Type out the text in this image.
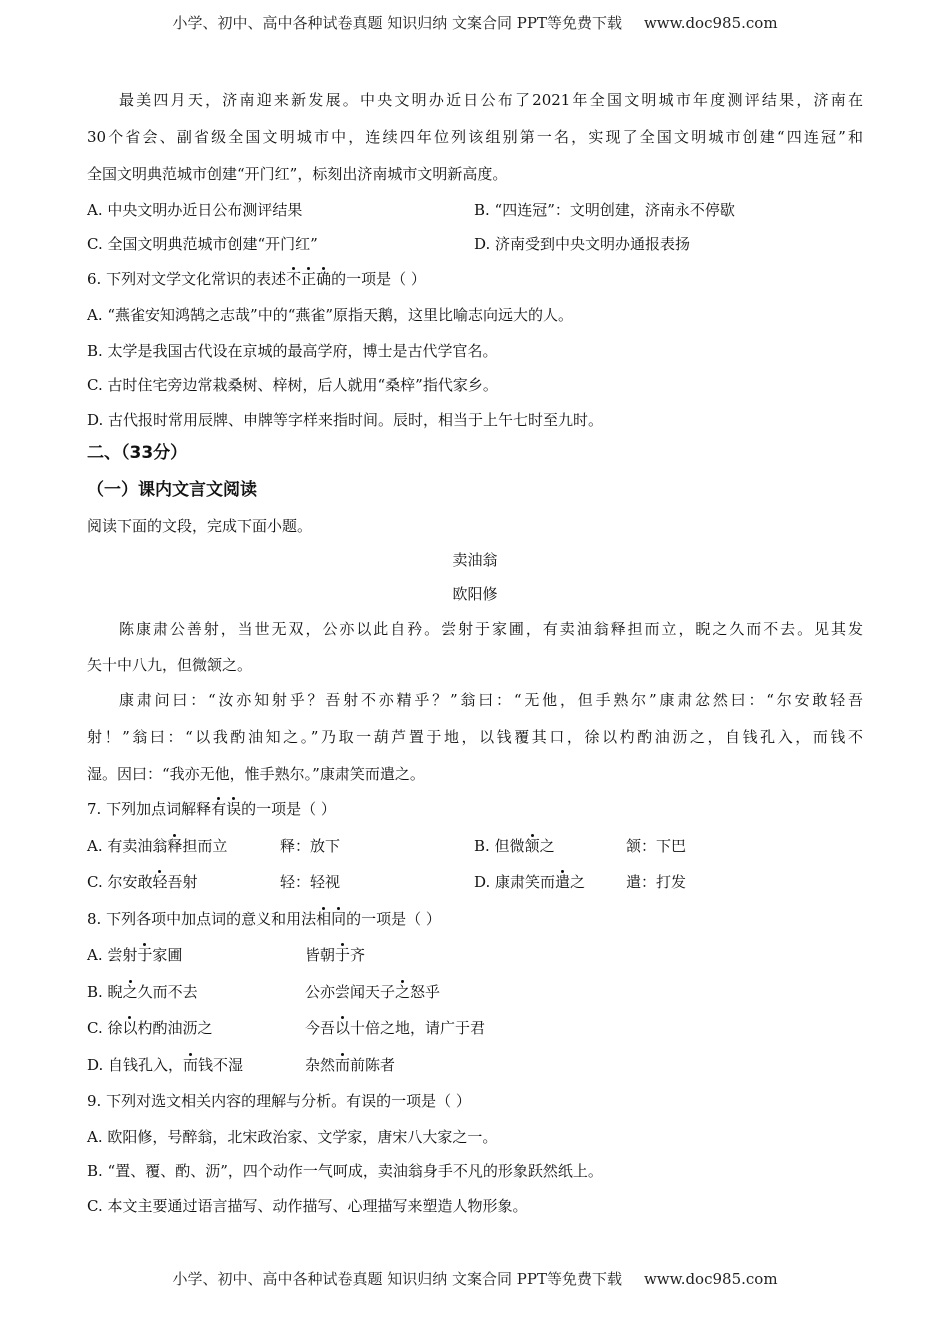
小学、初中、高中各种试卷真题 知识归纳 文案合同 PPT等免费下载 www.doc985.com
最美四月天，济南迎来新发展。中央文明办近日公布了2021年全国文明城市年度测评结果，济南在
30个省会、副省级全国文明城市中，连续四年位列该组别第一名，实现了全国文明城市创建“四连冠”和
全国文明典范城市创建“开门红”，标刻出济南城市文明新高度。
A. 中央文明办近日公布测评结果	B. “四连冠”：文明创建，济南永不停歇
C. 全国文明典范城市创建“开门红”	D. 济南受到中央文明办通报表扬
6. 下列对文学文化常识的表述不正确的一项是（ ）
A. “燕雀安知鸿鹄之志哉”中的“燕雀”原指天鹅，这里比喻志向远大的人。
B. 太学是我国古代设在京城的最高学府，博士是古代学官名。
C. 古时住宅旁边常栽桑树、梓树，后人就用“桑梓”指代家乡。
D. 古代报时常用辰牌、申牌等字样来指时间。辰时，相当于上午七时至九时。
二、（33分）
（一）课内文言文阅读
阅读下面的文段，完成下面小题。
卖油翁
欧阳修
陈康肃公善射，当世无双，公亦以此自矜。尝射于家圃，有卖油翁释担而立，睨之久而不去。见其发
矢十中八九，但微颔之。
康肃问曰：“汝亦知射乎？吾射不亦精乎？”翁曰：“无他，但手熟尔”康肃忿然曰：“尔安敢轻吾
射！”翁曰：“以我酌油知之。”乃取一葫芦置于地，以钱覆其口，徐以杓酌油沥之，自钱孔入，而钱不
湿。因曰：“我亦无他，惟手熟尔。”康肃笑而遣之。
7. 下列加点词解释有误的一项是（ ）
A. 有卖油翁释担而立	释：放下	B. 但微颔之	颔：下巴
C. 尔安敢轻吾射	轻：轻视	D. 康肃笑而遣之	遣：打发
8. 下列各项中加点词的意义和用法相同的一项是（ ）
A. 尝射于家圃	皆朝于齐
B. 睨之久而不去	公亦尝闻天子之怒乎
C. 徐以杓酌油沥之	今吾以十倍之地，请广于君
D. 自钱孔入，而钱不湿	杂然而前陈者
9. 下列对选文相关内容的理解与分析。有误的一项是（ ）
A. 欧阳修，号醉翁，北宋政治家、文学家，唐宋八大家之一。
B. “置、覆、酌、沥”，四个动作一气呵成，卖油翁身手不凡的形象跃然纸上。
C. 本文主要通过语言描写、动作描写、心理描写来塑造人物形象。
小学、初中、高中各种试卷真题 知识归纳 文案合同 PPT等免费下载 www.doc985.com
